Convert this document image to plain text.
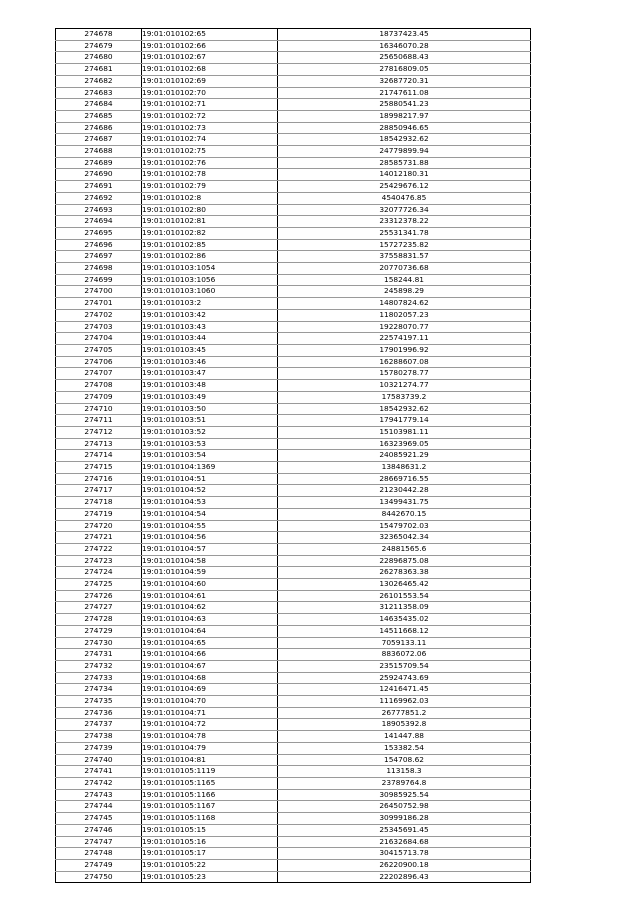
274678	19:01:010102:65	18737423.45
274679	19:01:010102:66	16346070.28
274680	19:01:010102:67	25650688.43
274681	19:01:010102:68	27816809.05
274682	19:01:010102:69	32687720.31
274683	19:01:010102:70	21747611.08
274684	19:01:010102:71	25880541.23
274685	19:01:010102:72	18998217.97
274686	19:01:010102:73	28850946.65
274687	19:01:010102:74	18542932.62
274688	19:01:010102:75	24779899.94
274689	19:01:010102:76	28585731.88
274690	19:01:010102:78	14012180.31
274691	19:01:010102:79	25429676.12
274692	19:01:010102:8	4540476.85
274693	19:01:010102:80	32077726.34
274694	19:01:010102:81	23312378.22
274695	19:01:010102:82	25531341.78
274696	19:01:010102:85	15727235.82
274697	19:01:010102:86	37558831.57
274698	19:01:010103:1054	20770736.68
274699	19:01:010103:1056	158244.81
274700	19:01:010103:1060	245898.29
274701	19:01:010103:2	14807824.62
274702	19:01:010103:42	11802057.23
274703	19:01:010103:43	19228070.77
274704	19:01:010103:44	22574197.11
274705	19:01:010103:45	17901996.92
274706	19:01:010103:46	16288607.08
274707	19:01:010103:47	15780278.77
274708	19:01:010103:48	10321274.77
274709	19:01:010103:49	17583739.2
274710	19:01:010103:50	18542932.62
274711	19:01:010103:51	17941779.14
274712	19:01:010103:52	15103981.11
274713	19:01:010103:53	16323969.05
274714	19:01:010103:54	24085921.29
274715	19:01:010104:1369	13848631.2
274716	19:01:010104:51	28669716.55
274717	19:01:010104:52	21230442.28
274718	19:01:010104:53	13499431.75
274719	19:01:010104:54	8442670.15
274720	19:01:010104:55	15479702.03
274721	19:01:010104:56	32365042.34
274722	19:01:010104:57	24881565.6
274723	19:01:010104:58	22896875.08
274724	19:01:010104:59	26278363.38
274725	19:01:010104:60	13026465.42
274726	19:01:010104:61	26101553.54
274727	19:01:010104:62	31211358.09
274728	19:01:010104:63	14635435.02
274729	19:01:010104:64	14511668.12
274730	19:01:010104:65	7059133.11
274731	19:01:010104:66	8836072.06
274732	19:01:010104:67	23515709.54
274733	19:01:010104:68	25924743.69
274734	19:01:010104:69	12416471.45
274735	19:01:010104:70	11169962.03
274736	19:01:010104:71	26777851.2
274737	19:01:010104:72	18905392.8
274738	19:01:010104:78	141447.88
274739	19:01:010104:79	153382.54
274740	19:01:010104:81	154708.62
274741	19:01:010105:1119	113158.3
274742	19:01:010105:1165	23789764.8
274743	19:01:010105:1166	30985925.54
274744	19:01:010105:1167	26450752.98
274745	19:01:010105:1168	30999186.28
274746	19:01:010105:15	25345691.45
274747	19:01:010105:16	21632684.68
274748	19:01:010105:17	30415713.78
274749	19:01:010105:22	26220900.18
274750	19:01:010105:23	22202896.43
